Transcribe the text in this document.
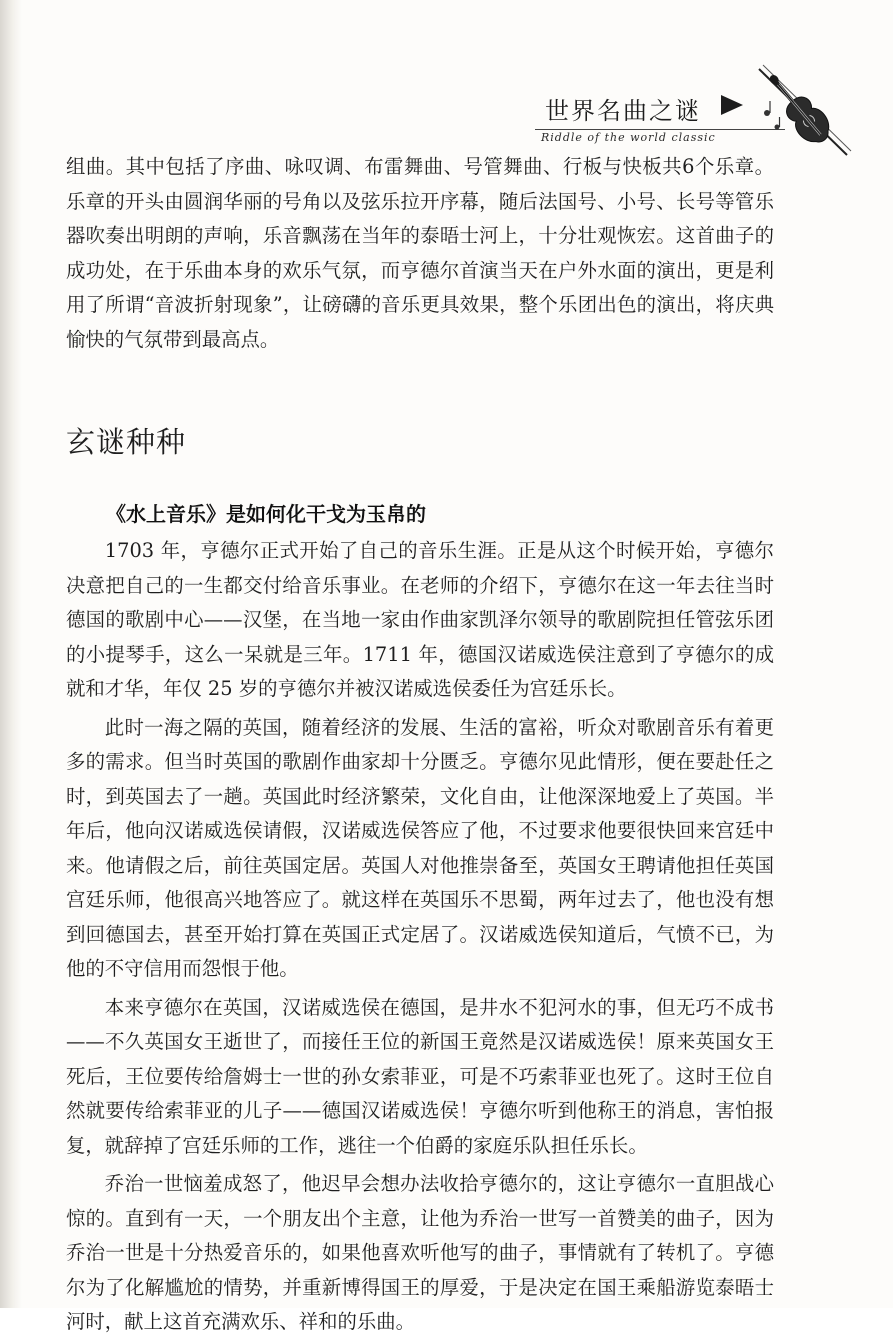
世界名曲之谜
Riddle of the world classic

组曲。其中包括了序曲、咏叹调、布雷舞曲、号管舞曲、行板与快板共6个乐章。乐章的开头由圆润华丽的号角以及弦乐拉开序幕，随后法国号、小号、长号等管乐器吹奏出明朗的声响，乐音飘荡在当年的泰晤士河上，十分壮观恢宏。这首曲子的成功处，在于乐曲本身的欢乐气氛，而亨德尔首演当天在户外水面的演出，更是利用了所谓“音波折射现象”，让磅礴的音乐更具效果，整个乐团出色的演出，将庆典愉快的气氛带到最高点。

玄谜种种
《水上音乐》是如何化干戈为玉帛的

1703 年，亨德尔正式开始了自己的音乐生涯。正是从这个时候开始，亨德尔决意把自己的一生都交付给音乐事业。在老师的介绍下，亨德尔在这一年去往当时德国的歌剧中心——汉堡，在当地一家由作曲家凯泽尔领导的歌剧院担任管弦乐团的小提琴手，这么一呆就是三年。1711 年，德国汉诺威选侯注意到了亨德尔的成就和才华，年仅 25 岁的亨德尔并被汉诺威选侯委任为宫廷乐长。

此时一海之隔的英国，随着经济的发展、生活的富裕，听众对歌剧音乐有着更多的需求。但当时英国的歌剧作曲家却十分匮乏。亨德尔见此情形，便在要赴任之时，到英国去了一趟。英国此时经济繁荣，文化自由，让他深深地爱上了英国。半年后，他向汉诺威选侯请假，汉诺威选侯答应了他，不过要求他要很快回来宫廷中来。他请假之后，前往英国定居。英国人对他推崇备至，英国女王聘请他担任英国宫廷乐师，他很高兴地答应了。就这样在英国乐不思蜀，两年过去了，他也没有想到回德国去，甚至开始打算在英国正式定居了。汉诺威选侯知道后，气愤不已，为他的不守信用而怨恨于他。

本来亨德尔在英国，汉诺威选侯在德国，是井水不犯河水的事，但无巧不成书——不久英国女王逝世了，而接任王位的新国王竟然是汉诺威选侯！原来英国女王死后，王位要传给詹姆士一世的孙女索菲亚，可是不巧索菲亚也死了。这时王位自然就要传给索菲亚的儿子——德国汉诺威选侯！亨德尔听到他称王的消息，害怕报复，就辞掉了宫廷乐师的工作，逃往一个伯爵的家庭乐队担任乐长。

乔治一世恼羞成怒了，他迟早会想办法收拾亨德尔的，这让亨德尔一直胆战心惊的。直到有一天，一个朋友出个主意，让他为乔治一世写一首赞美的曲子，因为乔治一世是十分热爱音乐的，如果他喜欢听他写的曲子，事情就有了转机了。亨德尔为了化解尴尬的情势，并重新博得国王的厚爱，于是决定在国王乘船游览泰晤士河时，献上这首充满欢乐、祥和的乐曲。
